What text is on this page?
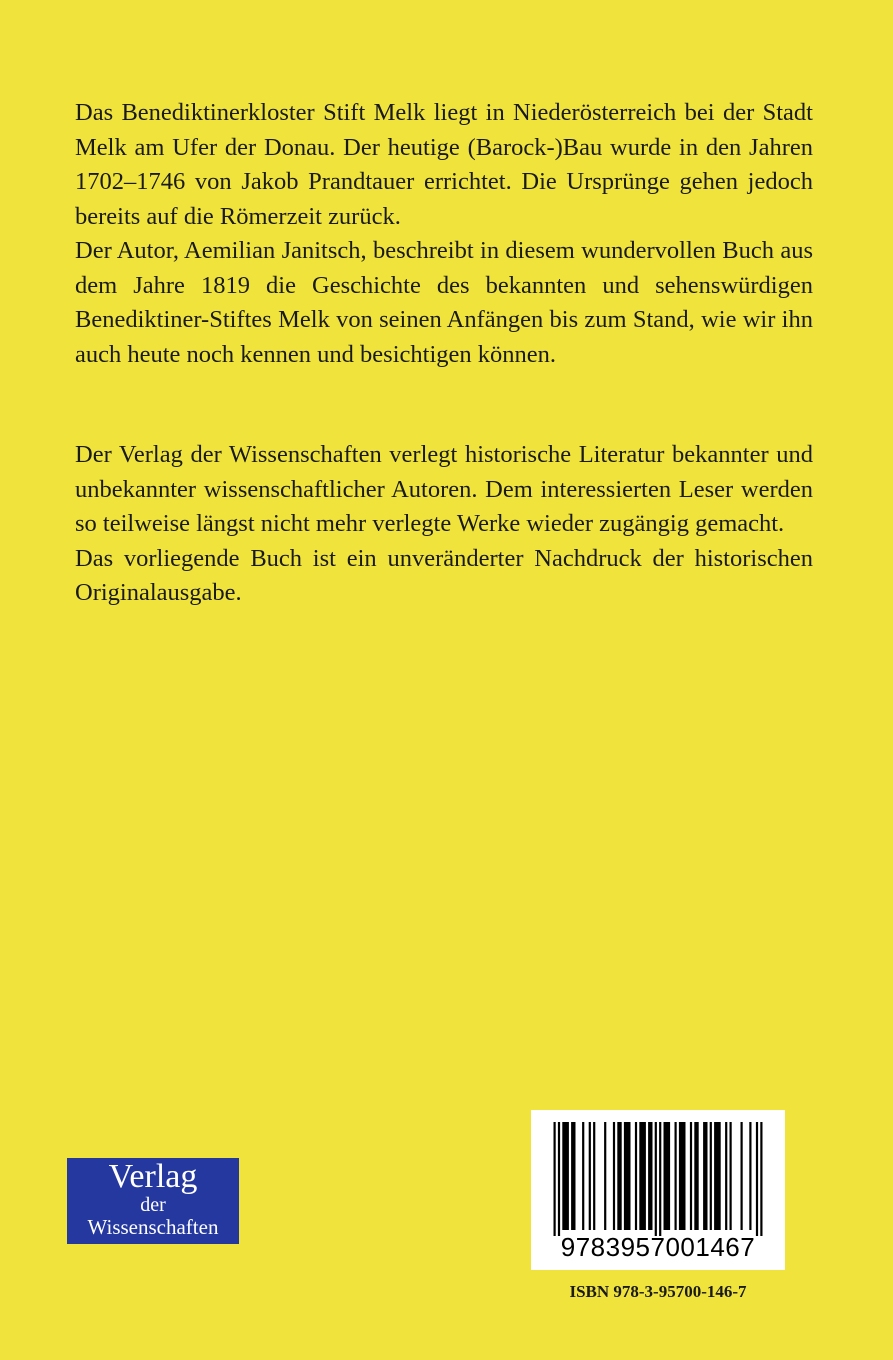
Das Benediktinerkloster Stift Melk liegt in Niederösterreich bei der Stadt Melk am Ufer der Donau. Der heutige (Barock-)Bau wurde in den Jahren 1702–1746 von Jakob Prandtauer errichtet. Die Ursprünge gehen jedoch bereits auf die Römerzeit zurück.

Der Autor, Aemilian Janitsch, beschreibt in diesem wundervollen Buch aus dem Jahre 1819 die Geschichte des bekannten und sehenswürdigen Benediktiner-Stiftes Melk von seinen Anfängen bis zum Stand, wie wir ihn auch heute noch kennen und besichtigen können.

Der Verlag der Wissenschaften verlegt historische Literatur bekannter und unbekannter wissenschaftlicher Autoren. Dem interessierten Leser werden so teilweise längst nicht mehr verlegte Werke wieder zugängig gemacht.

Das vorliegende Buch ist ein unveränderter Nachdruck der historischen Originalausgabe.

Verlag
der
Wissenschaften
9783957001467
ISBN 978-3-95700-146-7
